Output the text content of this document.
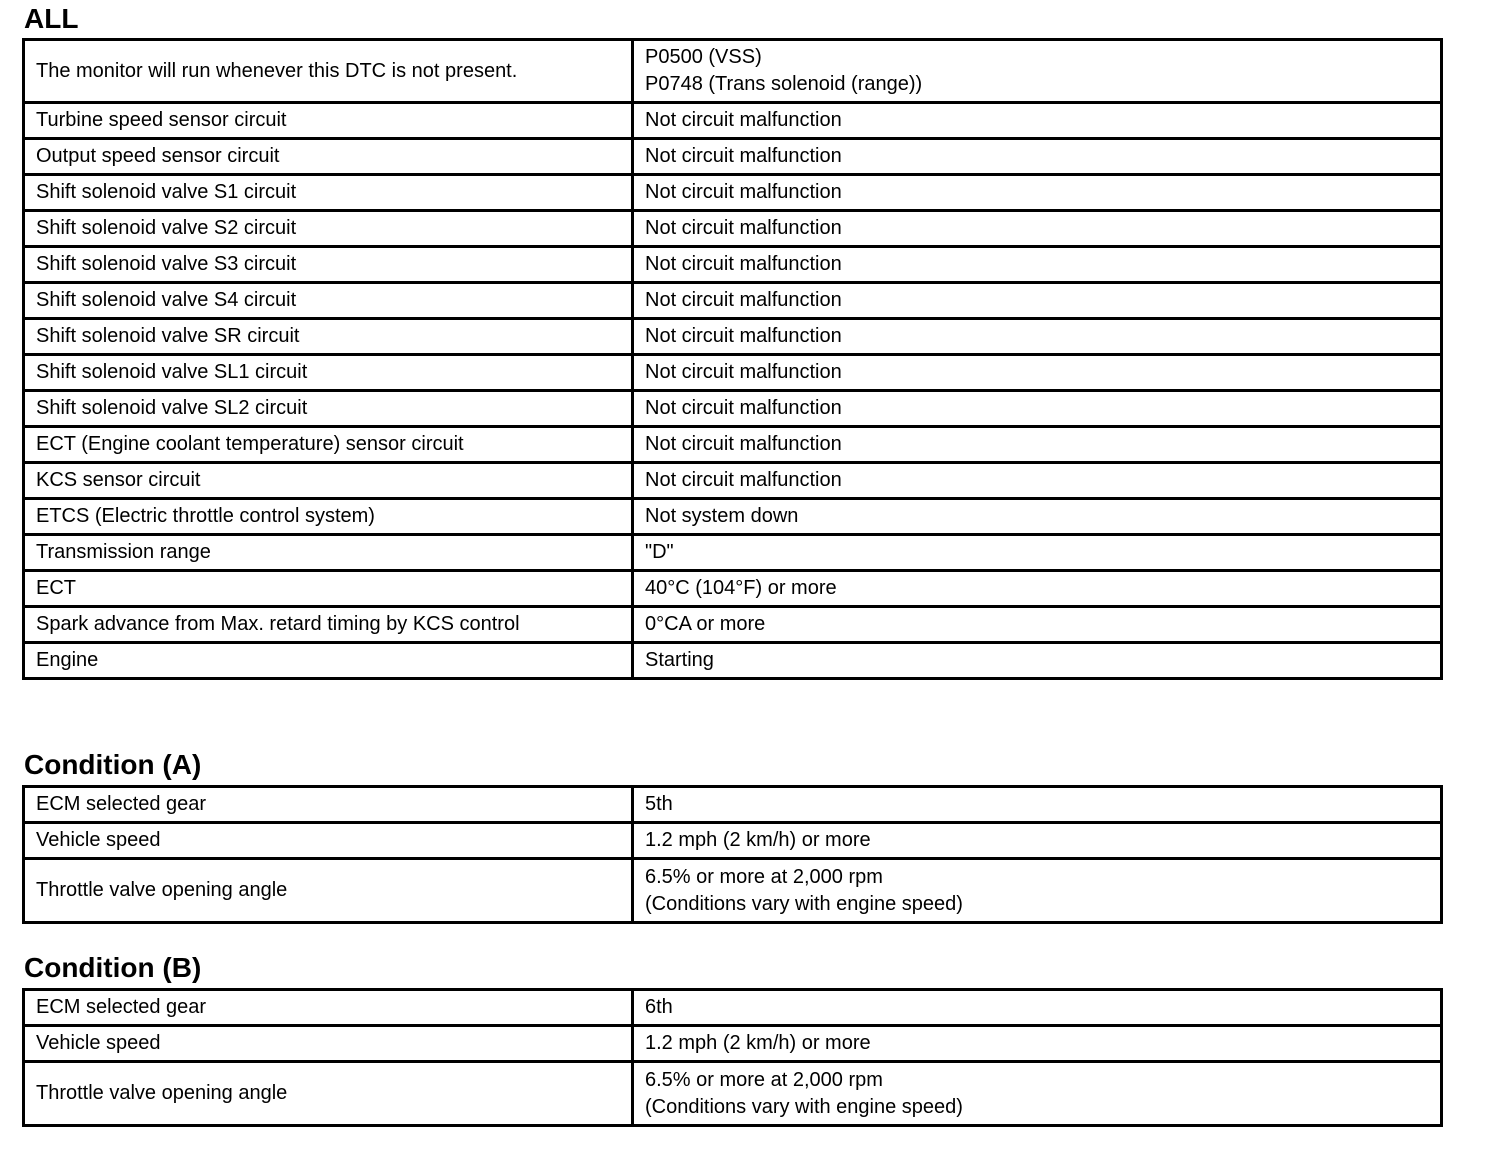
ALL
The monitor will run whenever this DTC is not present.	P0500 (VSS)
P0748 (Trans solenoid (range))

Turbine speed sensor circuit	Not circuit malfunction

Output speed sensor circuit	Not circuit malfunction

Shift solenoid valve S1 circuit	Not circuit malfunction

Shift solenoid valve S2 circuit	Not circuit malfunction

Shift solenoid valve S3 circuit	Not circuit malfunction

Shift solenoid valve S4 circuit	Not circuit malfunction

Shift solenoid valve SR circuit	Not circuit malfunction

Shift solenoid valve SL1 circuit	Not circuit malfunction

Shift solenoid valve SL2 circuit	Not circuit malfunction

ECT (Engine coolant temperature) sensor circuit	Not circuit malfunction

KCS sensor circuit	Not circuit malfunction

ETCS (Electric throttle control system)	Not system down

Transmission range	"D"

ECT	40°C (104°F) or more

Spark advance from Max. retard timing by KCS control	0°CA or more

Engine	Starting
Condition (A)
ECM selected gear	5th

Vehicle speed	1.2 mph (2 km/h) or more

Throttle valve opening angle	6.5% or more at 2,000 rpm
(Conditions vary with engine speed)
Condition (B)
ECM selected gear	6th

Vehicle speed	1.2 mph (2 km/h) or more

Throttle valve opening angle	6.5% or more at 2,000 rpm
(Conditions vary with engine speed)
